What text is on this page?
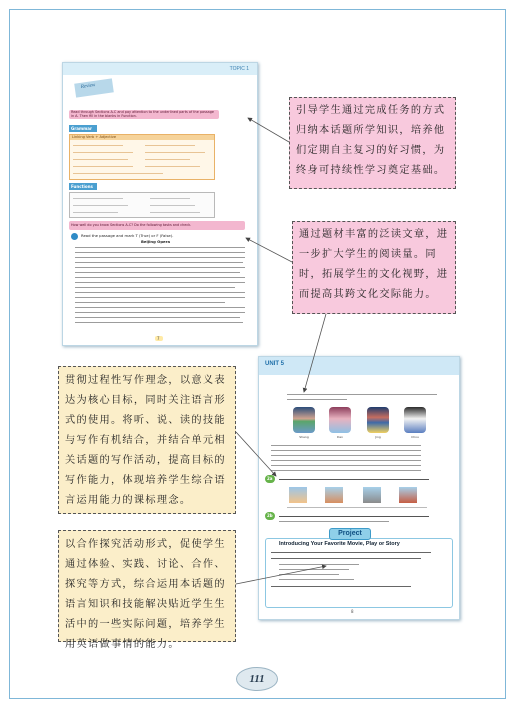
TOPIC 1
Review
Read through Sections A-C and pay attention to the underlined parts of the passage in A. Then fill in the blanks in Function.
Grammar
Linking Verb + Adjective
Functions
How well do you know Sections A-C? Do the following tasks and check.
Read the passage and mark T (True) or F (False).
Beijing Opera
7
UNIT 5
Sheng	Dan	Jing	Chou
2a
2b
Project
Introducing Your Favorite Movie, Play or Story
8
引导学生通过完成任务的方式归纳本话题所学知识，培养他们定期自主复习的好习惯，为终身可持续性学习奠定基础。
通过题材丰富的泛读文章，进一步扩大学生的阅读量。同时，拓展学生的文化视野，进而提高其跨文化交际能力。
贯彻过程性写作理念，以意义表达为核心目标，同时关注语言形式的使用。将听、说、读的技能与写作有机结合，并结合单元相关话题的写作活动，提高目标的写作能力，体现培养学生综合语言运用能力的课标理念。
以合作探究活动形式，促使学生通过体验、实践、讨论、合作、探究等方式，综合运用本话题的语言知识和技能解决贴近学生生活中的一些实际问题，培养学生用英语做事情的能力。
111
